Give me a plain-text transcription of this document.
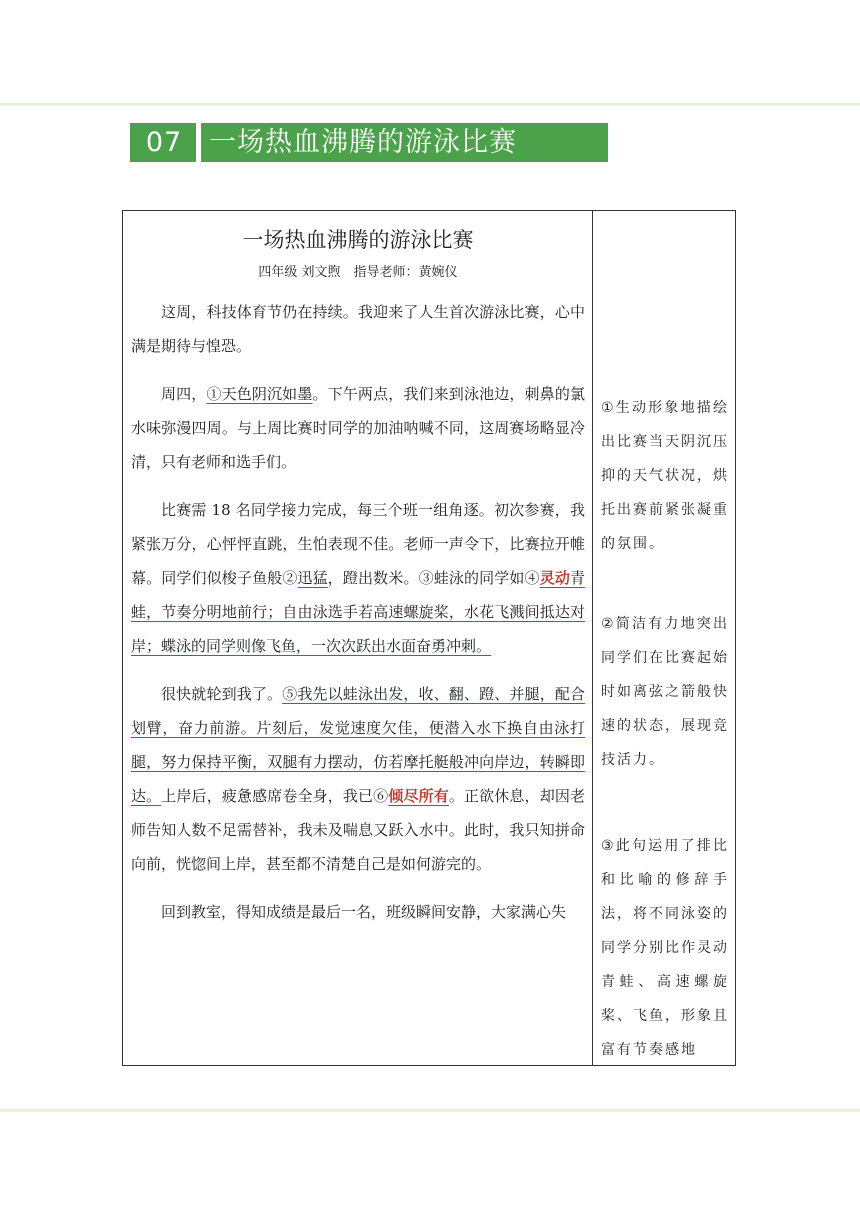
07 一场热血沸腾的游泳比赛
一场热血沸腾的游泳比赛
四年级 刘文煦　指导老师：黄婉仪

这周，科技体育节仍在持续。我迎来了人生首次游泳比赛，心中满是期待与惶恐。

周四，①天色阴沉如墨。下午两点，我们来到泳池边，刺鼻的氯水味弥漫四周。与上周比赛时同学的加油呐喊不同，这周赛场略显冷清，只有老师和选手们。

比赛需 18 名同学接力完成，每三个班一组角逐。初次参赛，我紧张万分，心怦怦直跳，生怕表现不佳。老师一声令下，比赛拉开帷幕。同学们似梭子鱼般②迅猛，蹬出数米。③蛙泳的同学如④灵动青蛙，节奏分明地前行；自由泳选手若高速螺旋桨，水花飞溅间抵达对岸；蝶泳的同学则像飞鱼，一次次跃出水面奋勇冲刺。

很快就轮到我了。⑤我先以蛙泳出发，收、翻、蹬、并腿，配合划臂，奋力前游。片刻后，发觉速度欠佳，便潜入水下换自由泳打腿，努力保持平衡，双腿有力摆动，仿若摩托艇般冲向岸边，转瞬即达。上岸后，疲惫感席卷全身，我已⑥倾尽所有。正欲休息，却因老师告知人数不足需替补，我未及喘息又跃入水中。此时，我只知拼命向前，恍惚间上岸，甚至都不清楚自己是如何游完的。

回到教室，得知成绩是最后一名，班级瞬间安静，大家满心失

①生动形象地描绘出比赛当天阴沉压抑的天气状况，烘托出赛前紧张凝重的氛围。
②简洁有力地突出同学们在比赛起始时如离弦之箭般快速的状态，展现竞技活力。
③此句运用了排比和比喻的修辞手法，将不同泳姿的同学分别比作灵动青蛙、高速螺旋桨、飞鱼，形象且富有节奏感地
